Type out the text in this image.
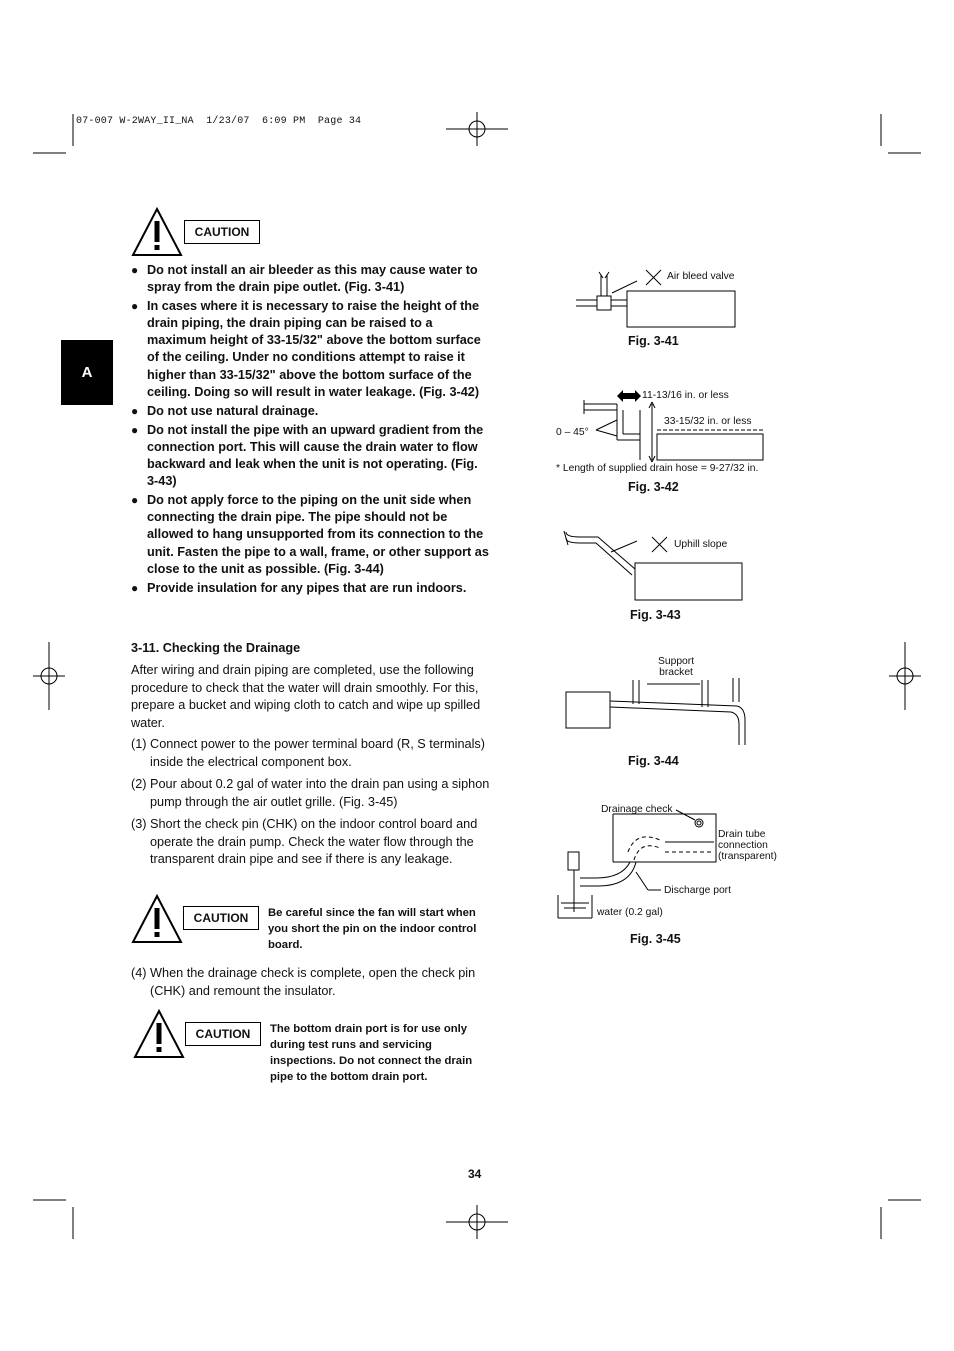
07-007 W-2WAY_II_NA  1/23/07  6:09 PM  Page 34
A
CAUTION
● Do not install an air bleeder as this may cause water to spray from the drain pipe outlet. (Fig. 3-41)
● In cases where it is necessary to raise the height of the drain piping, the drain piping can be raised to a maximum height of 33-15/32" above the bottom surface of the ceiling. Under no conditions attempt to raise it higher than 33-15/32" above the bottom surface of the ceiling. Doing so will result in water leakage. (Fig. 3-42)
● Do not use natural drainage.
● Do not install the pipe with an upward gradient from the connection port. This will cause the drain water to flow backward and leak when the unit is not operating. (Fig. 3-43)
● Do not apply force to the piping on the unit side when connecting the drain pipe. The pipe should not be allowed to hang unsupported from its connection to the unit. Fasten the pipe to a wall, frame, or other support as close to the unit as possible. (Fig. 3-44)
● Provide insulation for any pipes that are run indoors.
3-11. Checking the Drainage

After wiring and drain piping are completed, use the following procedure to check that the water will drain smoothly. For this, prepare a bucket and wiping cloth to catch and wipe up spilled water.

(1) Connect power to the power terminal board (R, S terminals) inside the electrical component box.

(2) Pour about 0.2 gal of water into the drain pan using a siphon pump through the air outlet grille. (Fig. 3-45)

(3) Short the check pin (CHK) on the indoor control board and operate the drain pump. Check the water flow through the transparent drain pipe and see if there is any leakage.

CAUTION	Be careful since the fan will start when you short the pin on the indoor control board.

(4) When the drainage check is complete, open the check pin (CHK) and remount the insulator.

CAUTION	The bottom drain port is for use only during test runs and servicing inspections. Do not connect the drain pipe to the bottom drain port.

Air bleed valve
Fig. 3-41
11-13/16 in. or less
33-15/32 in. or less
0 – 45°
* Length of supplied drain hose = 9-27/32 in.
Fig. 3-42
Uphill slope
Fig. 3-43
Support
bracket
Fig. 3-44
Drainage check
Drain tube
connection
(transparent)
Discharge port
water (0.2 gal)
Fig. 3-45
34
